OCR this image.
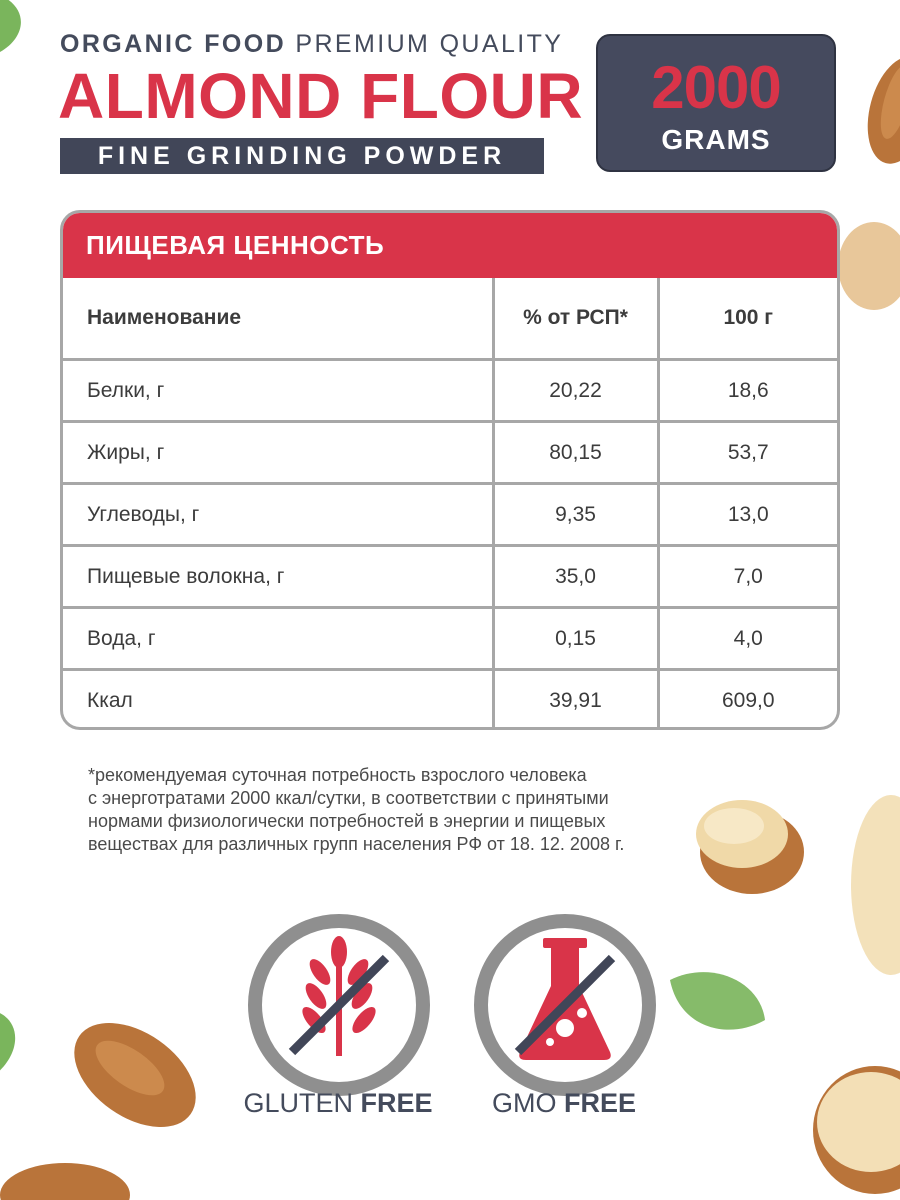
ORGANIC FOOD PREMIUM QUALITY
ALMOND FLOUR
FINE GRINDING POWDER
2000
GRAMS
ПИЩЕВАЯ ЦЕННОСТЬ
Наименование	% от РСП*	100 г
Белки, г	20,22	18,6
Жиры, г	80,15	53,7
Углеводы, г	9,35	13,0
Пищевые волокна, г	35,0	7,0
Вода, г	0,15	4,0
Ккал	39,91	609,0

*рекомендуемая суточная потребность взрослого человека

с энерготратами 2000 ккал/сутки, в соответствии с принятыми

нормами физиологически потребностей в энергии и пищевых

веществах для различных групп населения РФ от 18. 12. 2008 г.

GLUTEN FREE	GMO FREE
